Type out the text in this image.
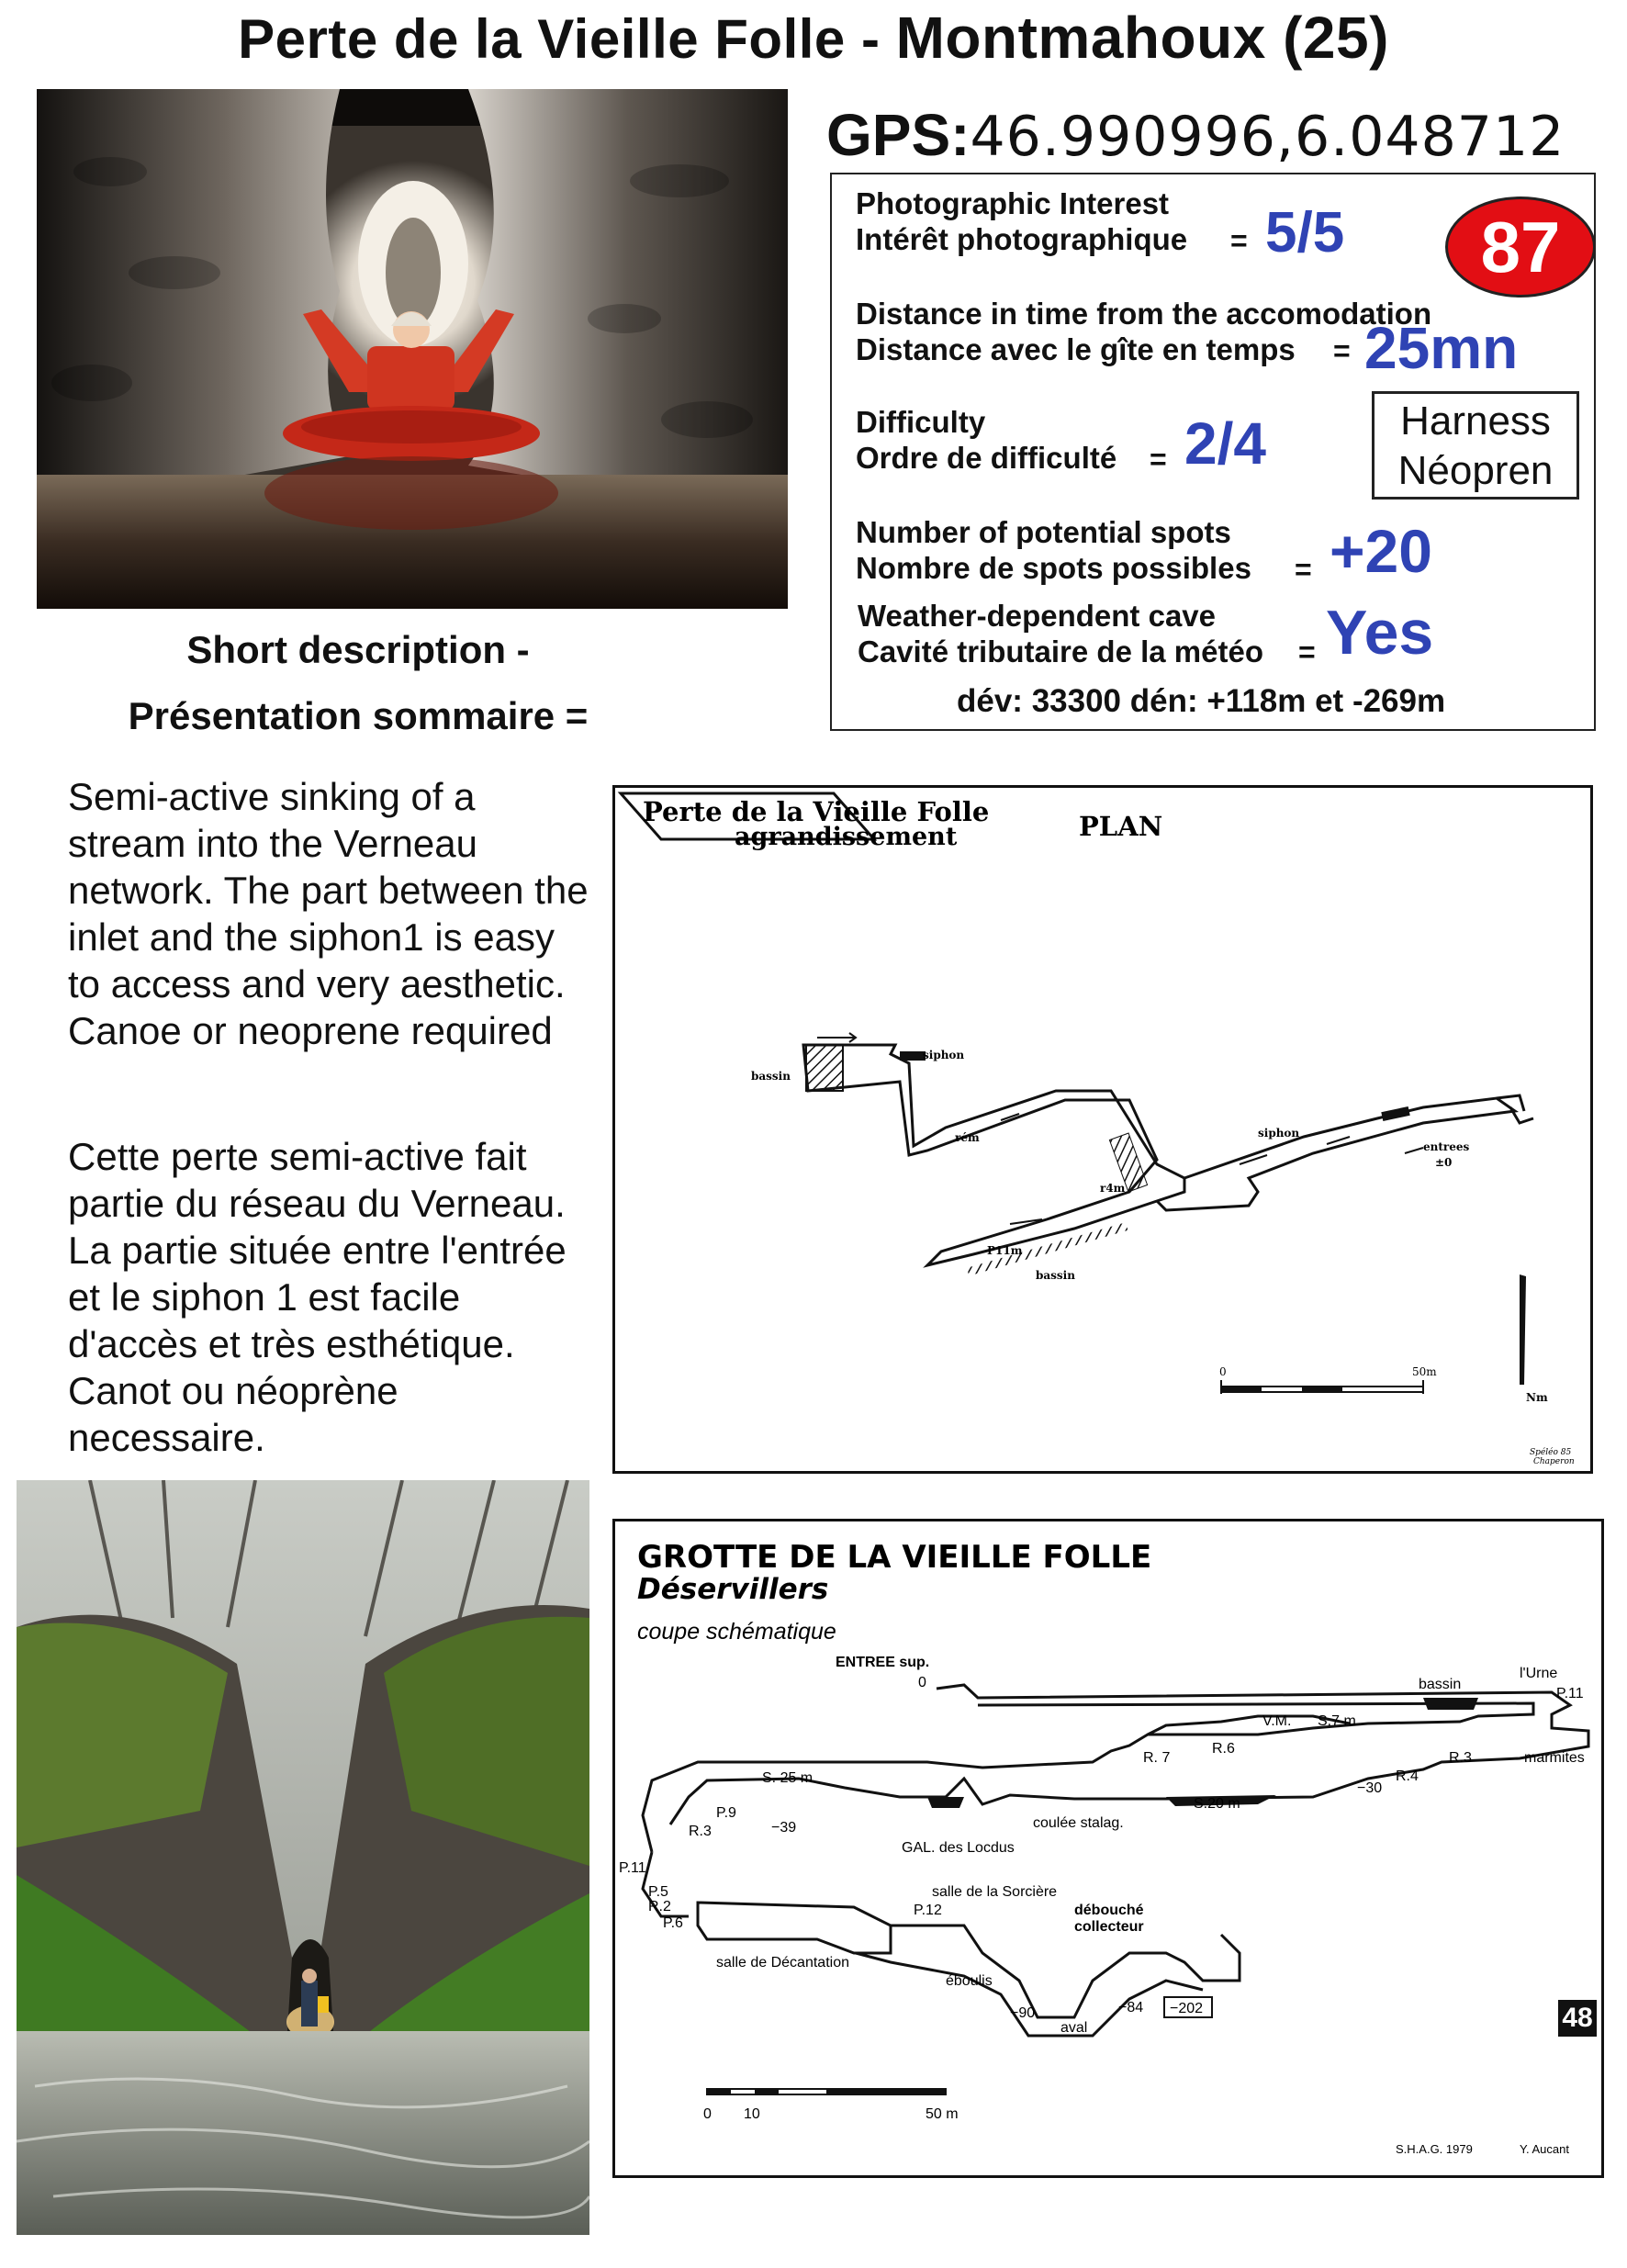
Perte de la Vieille Folle - Montmahoux (25)
GPS:46.990996,6.048712
Photographic Interest
Intérêt photographique = 5/5	87
Distance in time from the accomodation
Distance avec le gîte en temps	= 25mn
Difficulty
Ordre de difficulté = 2/4	Harness
Néopren
Number of potential spots
Nombre de spots possibles = +20
Weather-dependent cave
Cavité tributaire de la météo = Yes
dév: 33300 dén: +118m et -269m
Short description -
Présentation sommaire =
Semi-active sinking of a stream into the Verneau network. The part between the inlet and the siphon1 is easy to access and very aesthetic. Canoe or neoprene required
Cette perte semi-active fait partie du réseau du Verneau. La partie située entre l'entrée et le siphon 1 est facile d'accès et très esthétique. Canot ou néoprène necessaire.
Perte de la Vieille Folle
agrandissement	PLAN
siphon
bassin
rém
r4m
siphon
entrees
±0
P11m
bassin
0	50m
Nm
Spéléo 85
Chaperon
GROTTE DE LA VIEILLE FOLLE
Déservillers
coupe schématique
ENTREE sup.
0	bassin
l'Urne
P.11
V.M. S.7 m
R. 7
R.6
R.3	marmites
R.4
−30
S. 25 m
S.20 m
coulée stalag.
P.9
R.3	−39
GAL. des Locdus
P.11
P.5
R.2
P.6
P.12
salle de la Sorcière
débouché
collecteur
salle de Décantation
éboulis
−90
aval
−84 −202
0 10	50 m
S.H.A.G. 1979	Y. Aucant
48
